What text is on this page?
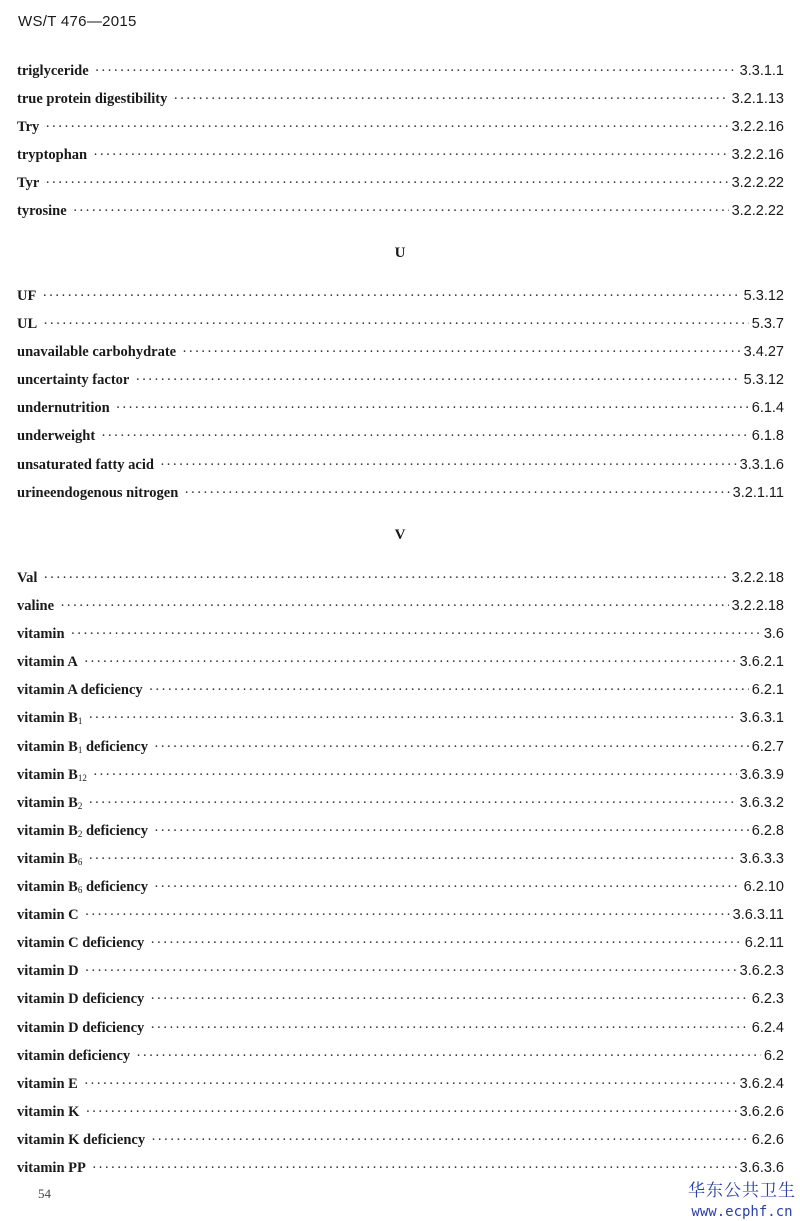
WS/T 476—2015
triglyceride ·····	3.3.1.1
true protein digestibility ·····	3.2.1.13
Try ·····	3.2.2.16
tryptophan ·····	3.2.2.16
Tyr ·····	3.2.2.22
tyrosine ·····	3.2.2.22
U
UF ·····	5.3.12
UL ·····	5.3.7
unavailable carbohydrate ·····	3.4.27
uncertainty factor ·····	5.3.12
undernutrition ·····	6.1.4
underweight ·····	6.1.8
unsaturated fatty acid ·····	3.3.1.6
urineendogenous nitrogen ·····	3.2.1.11
V
Val ·····	3.2.2.18
valine ·····	3.2.2.18
vitamin ·····	3.6
vitamin A ·····	3.6.2.1
vitamin A deficiency ·····	6.2.1
vitamin $B_1$ ·····	3.6.3.1
vitamin $B_1$ deficiency ·····	6.2.7
vitamin $B_{12}$ ·····	3.6.3.9
vitamin $B_2$ ·····	3.6.3.2
vitamin $B_2$ deficiency ·····	6.2.8
vitamin $B_6$ ·····	3.6.3.3
vitamin $B_6$ deficiency ·····	6.2.10
vitamin C ·····	3.6.3.11
vitamin C deficiency ·····	6.2.11
vitamin D ·····	3.6.2.3
vitamin D deficiency ·····	6.2.3
vitamin D deficiency ·····	6.2.4
vitamin deficiency ·····	6.2
vitamin E ·····	3.6.2.4
vitamin K ·····	3.6.2.6
vitamin K deficiency ·····	6.2.6
vitamin PP ·····	3.6.3.6
54	华东公共卫生
www.ecphf.cn
